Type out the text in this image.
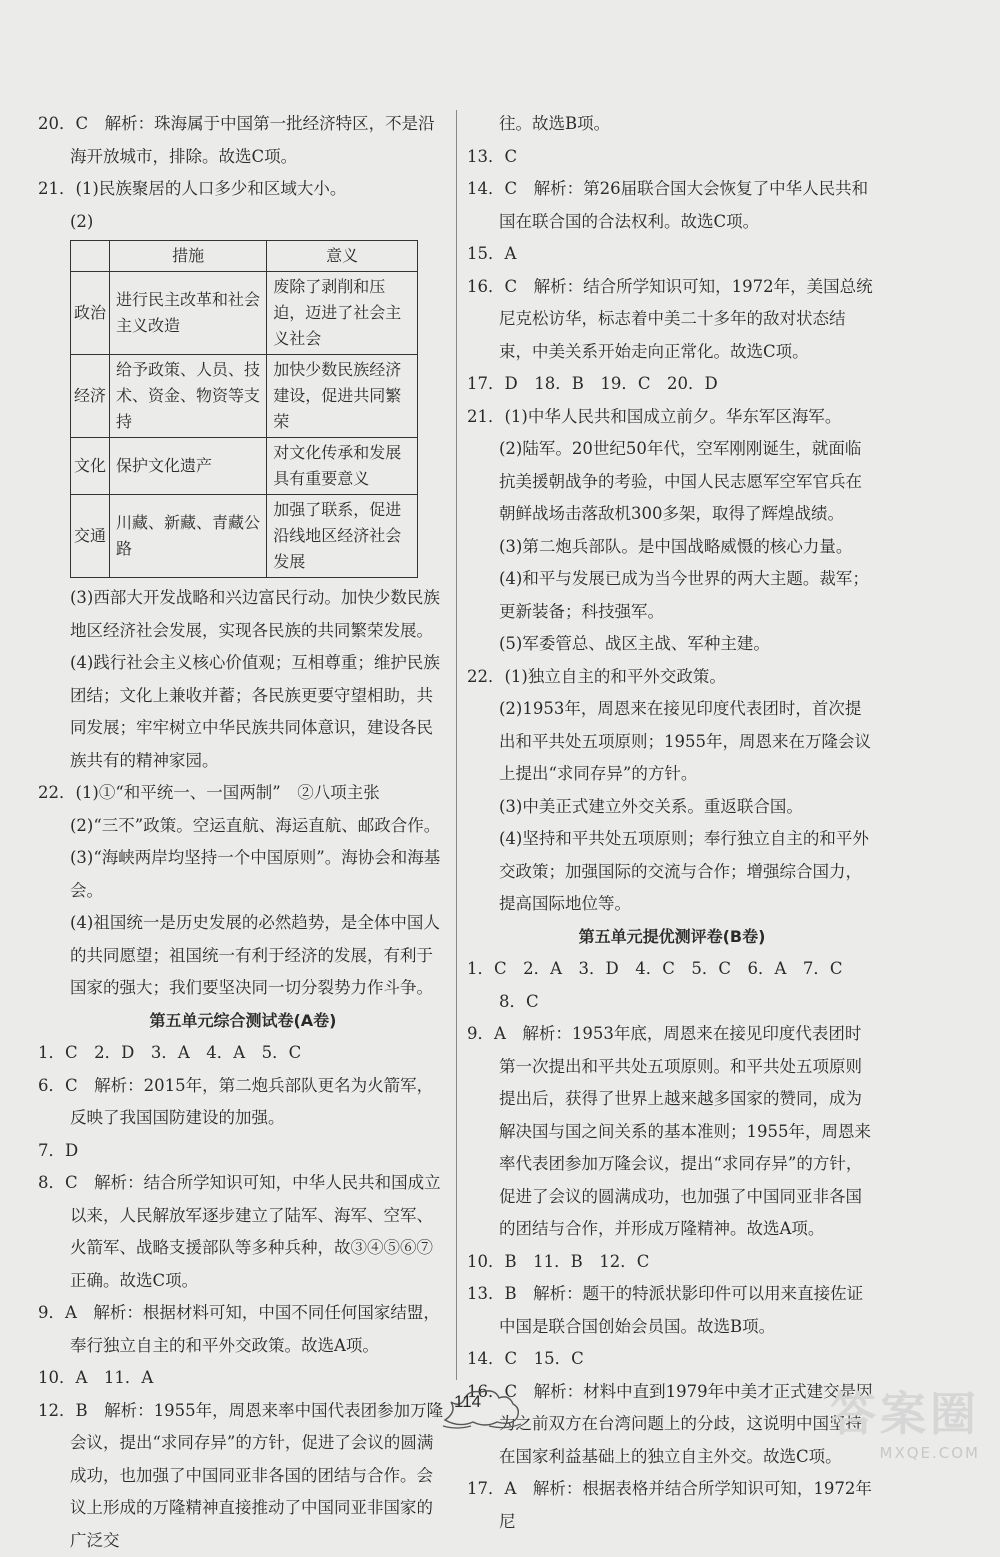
20．C　解析：珠海属于中国第一批经济特区，不是沿海开放城市，排除。故选C项。
21．(1)民族聚居的人口多少和区域大小。
(2)
	措施	意义
政治	进行民主改革和社会主义改造	废除了剥削和压迫，迈进了社会主义社会
经济	给予政策、人员、技术、资金、物资等支持	加快少数民族经济建设，促进共同繁荣
文化	保护文化遗产	对文化传承和发展具有重要意义
交通	川藏、新藏、青藏公路	加强了联系，促进沿线地区经济社会发展
(3)西部大开发战略和兴边富民行动。加快少数民族地区经济社会发展，实现各民族的共同繁荣发展。
(4)践行社会主义核心价值观；互相尊重；维护民族团结；文化上兼收并蓄；各民族更要守望相助，共同发展；牢牢树立中华民族共同体意识，建设各民族共有的精神家园。
22．(1)①“和平统一、一国两制”　②八项主张
(2)“三不”政策。空运直航、海运直航、邮政合作。
(3)“海峡两岸均坚持一个中国原则”。海协会和海基会。
(4)祖国统一是历史发展的必然趋势，是全体中国人的共同愿望；祖国统一有利于经济的发展，有利于国家的强大；我们要坚决同一切分裂势力作斗争。
第五单元综合测试卷(A卷)
1．C　2．D　3．A　4．A　5．C
6．C　解析：2015年，第二炮兵部队更名为火箭军，反映了我国国防建设的加强。
7．D
8．C　解析：结合所学知识可知，中华人民共和国成立以来，人民解放军逐步建立了陆军、海军、空军、火箭军、战略支援部队等多种兵种，故③④⑤⑥⑦正确。故选C项。
9．A　解析：根据材料可知，中国不同任何国家结盟，奉行独立自主的和平外交政策。故选A项。
10．A　11．A
12．B　解析：1955年，周恩来率中国代表团参加万隆会议，提出“求同存异”的方针，促进了会议的圆满成功，也加强了中国同亚非各国的团结与合作。会议上形成的万隆精神直接推动了中国同亚非国家的广泛交
往。故选B项。
13．C
14．C　解析：第26届联合国大会恢复了中华人民共和国在联合国的合法权利。故选C项。
15．A
16．C　解析：结合所学知识可知，1972年，美国总统尼克松访华，标志着中美二十多年的敌对状态结束，中美关系开始走向正常化。故选C项。
17．D　18．B　19．C　20．D
21．(1)中华人民共和国成立前夕。华东军区海军。
(2)陆军。20世纪50年代，空军刚刚诞生，就面临抗美援朝战争的考验，中国人民志愿军空军官兵在朝鲜战场击落敌机300多架，取得了辉煌战绩。
(3)第二炮兵部队。是中国战略威慑的核心力量。
(4)和平与发展已成为当今世界的两大主题。裁军；更新装备；科技强军。
(5)军委管总、战区主战、军种主建。
22．(1)独立自主的和平外交政策。
(2)1953年，周恩来在接见印度代表团时，首次提出和平共处五项原则；1955年，周恩来在万隆会议上提出“求同存异”的方针。
(3)中美正式建立外交关系。重返联合国。
(4)坚持和平共处五项原则；奉行独立自主的和平外交政策；加强国际的交流与合作；增强综合国力，提高国际地位等。
第五单元提优测评卷(B卷)
1．C　2．A　3．D　4．C　5．C　6．A　7．C　8．C
9．A　解析：1953年底，周恩来在接见印度代表团时第一次提出和平共处五项原则。和平共处五项原则提出后，获得了世界上越来越多国家的赞同，成为解决国与国之间关系的基本准则；1955年，周恩来率代表团参加万隆会议，提出“求同存异”的方针，促进了会议的圆满成功，也加强了中国同亚非各国的团结与合作，并形成万隆精神。故选A项。
10．B　11．B　12．C
13．B　解析：题干的特派状影印件可以用来直接佐证中国是联合国创始会员国。故选B项。
14．C　15．C
16．C　解析：材料中直到1979年中美才正式建交是因为之前双方在台湾问题上的分歧，这说明中国坚持在国家利益基础上的独立自主外交。故选C项。
17．A　解析：根据表格并结合所学知识可知，1972年尼
114	答案圈
MXQE.COM
